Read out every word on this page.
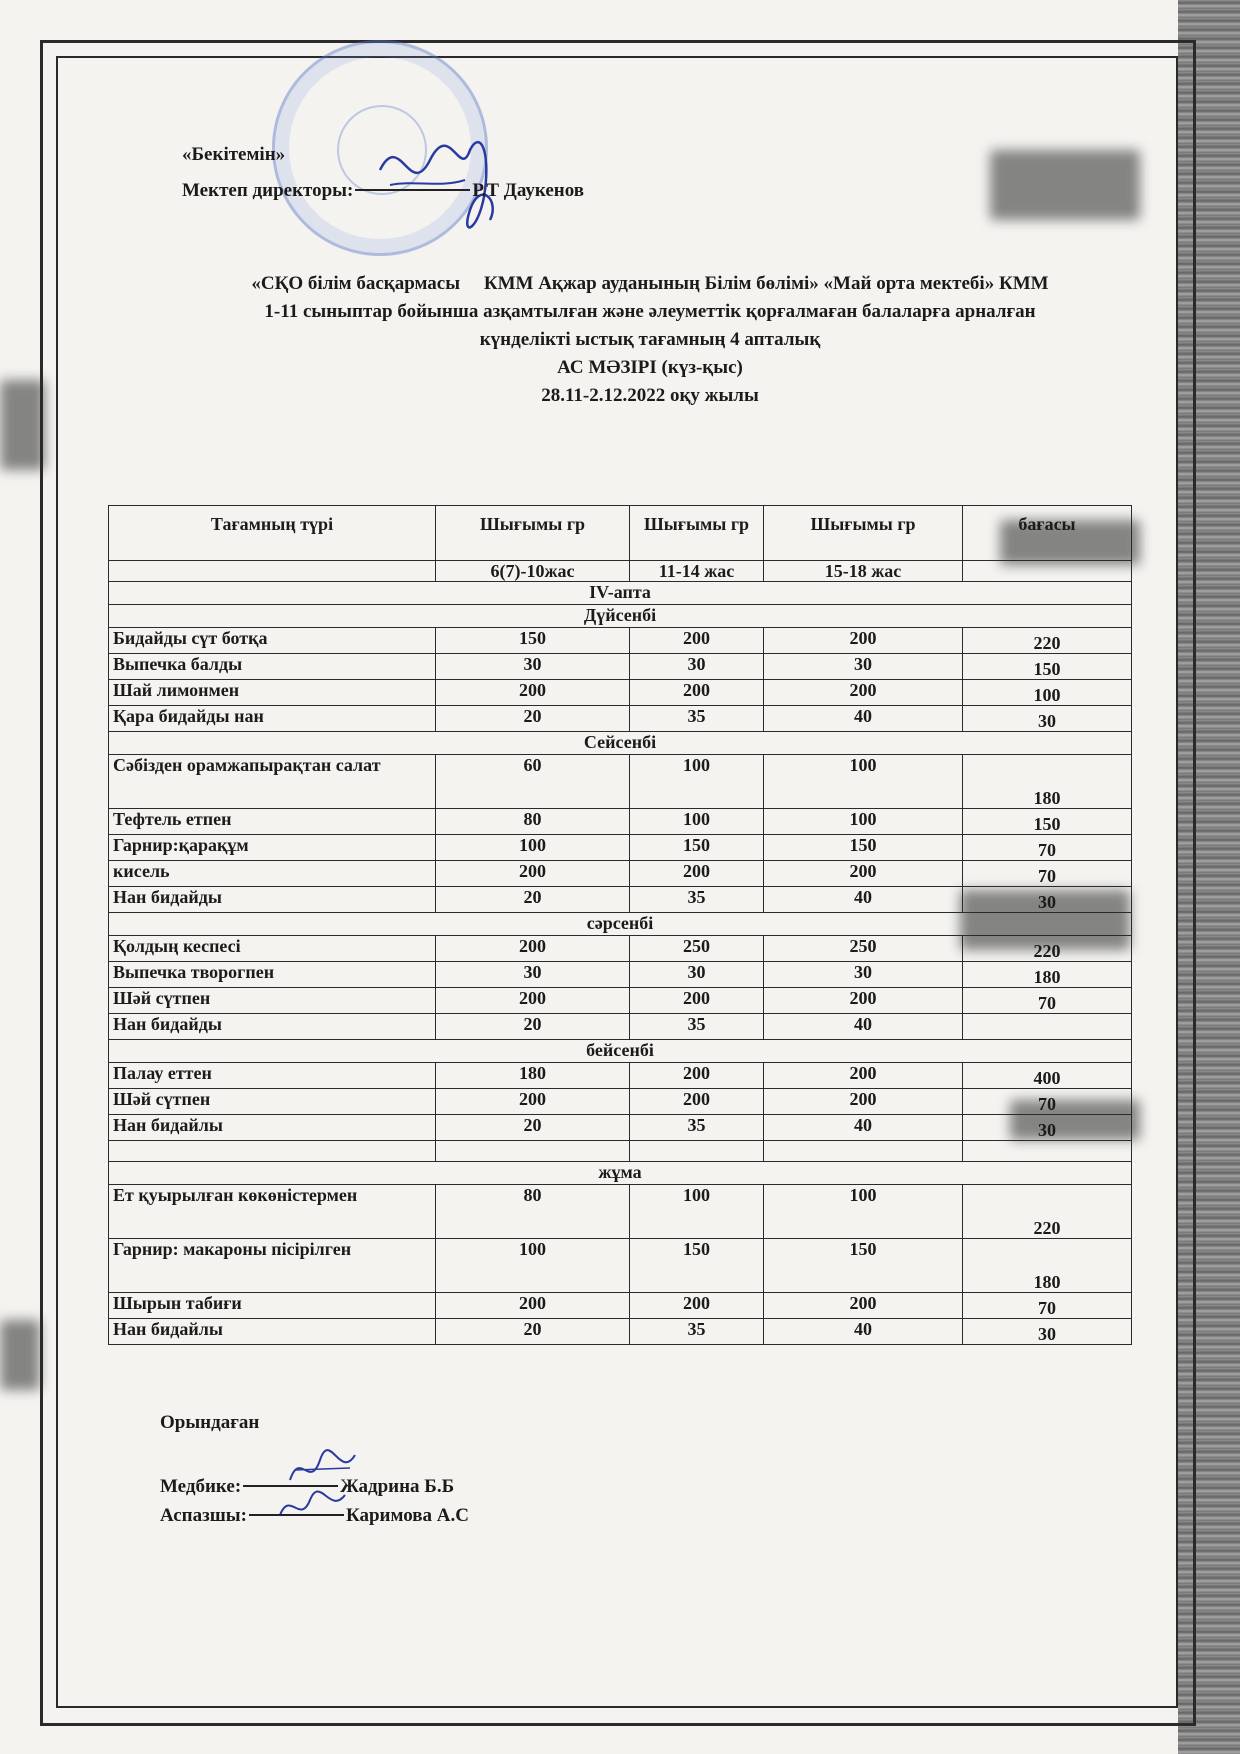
«Бекітемін»
Мектеп директоры:	Р.Т Даукенов
«СҚО білім басқармасы     КММ Ақжар ауданының Білім бөлімі» «Май орта мектебі» КММ
1-11 сыныптар бойынша азқамтылған және әлеуметтік қорғалмаған балаларға арналған
күнделікті ыстық тағамның 4 апталық
АС МӘЗІРІ (күз-қыс)
28.11-2.12.2022 оқу жылы
Тағамның түрі	Шығымы гр	Шығымы гр	Шығымы гр	бағасы
	6(7)-10жас	11-14 жас	15-18 жас	
IV-апта				
Дүйсенбі				
Бидайды сүт ботқа	150	200	200	220
Выпечка балды	30	30	30	150
Шай лимонмен	200	200	200	100
Қара бидайды нан	20	35	40	30
Сейсенбі				
Сәбізден орамжапырақтан салат	60	100	100	180
Тефтель етпен	80	100	100	150
Гарнир:қарақұм	100	150	150	70
кисель	200	200	200	70
Нан бидайды	20	35	40	30
сәрсенбі				
Қолдың кеспесі	200	250	250	220
Выпечка творогпен	30	30	30	180
Шәй сүтпен	200	200	200	70
Нан бидайды	20	35	40	
бейсенбі				
Палау еттен	180	200	200	400
Шәй сүтпен	200	200	200	70
Нан бидайлы	20	35	40	30

жұма				
Ет қуырылған көкөністермен	80	100	100	220
Гарнир: макароны пісірілген	100	150	150	180
Шырын табиғи	200	200	200	70
Нан бидайлы	20	35	40	30
Орындаған
Медбике:	Жадрина Б.Б
Аспазшы:	Каримова А.С
